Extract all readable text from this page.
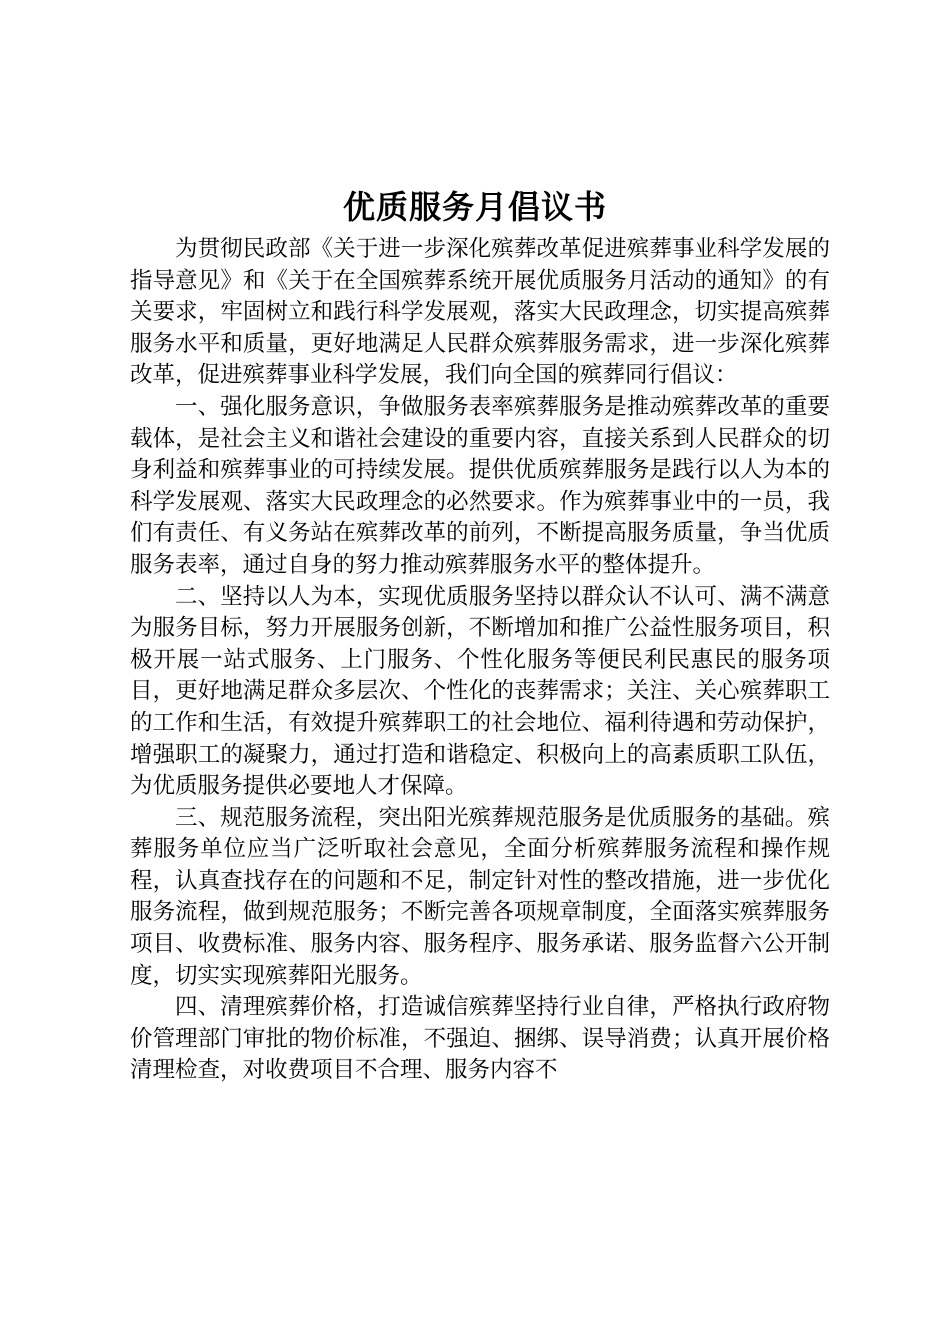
优质服务月倡议书

为贯彻民政部《关于进一步深化殡葬改革促进殡葬事业科学发展的指导意见》和《关于在全国殡葬系统开展优质服务月活动的通知》的有关要求，牢固树立和践行科学发展观，落实大民政理念，切实提高殡葬服务水平和质量，更好地满足人民群众殡葬服务需求，进一步深化殡葬改革，促进殡葬事业科学发展，我们向全国的殡葬同行倡议：

一、强化服务意识，争做服务表率殡葬服务是推动殡葬改革的重要载体，是社会主义和谐社会建设的重要内容，直接关系到人民群众的切身利益和殡葬事业的可持续发展。提供优质殡葬服务是践行以人为本的科学发展观、落实大民政理念的必然要求。作为殡葬事业中的一员，我们有责任、有义务站在殡葬改革的前列，不断提高服务质量，争当优质服务表率，通过自身的努力推动殡葬服务水平的整体提升。

二、坚持以人为本，实现优质服务坚持以群众认不认可、满不满意为服务目标，努力开展服务创新，不断增加和推广公益性服务项目，积极开展一站式服务、上门服务、个性化服务等便民利民惠民的服务项目，更好地满足群众多层次、个性化的丧葬需求；关注、关心殡葬职工的工作和生活，有效提升殡葬职工的社会地位、福利待遇和劳动保护，增强职工的凝聚力，通过打造和谐稳定、积极向上的高素质职工队伍，为优质服务提供必要地人才保障。

三、规范服务流程，突出阳光殡葬规范服务是优质服务的基础。殡葬服务单位应当广泛听取社会意见，全面分析殡葬服务流程和操作规程，认真查找存在的问题和不足，制定针对性的整改措施，进一步优化服务流程，做到规范服务；不断完善各项规章制度，全面落实殡葬服务项目、收费标准、服务内容、服务程序、服务承诺、服务监督六公开制度，切实实现殡葬阳光服务。

四、清理殡葬价格，打造诚信殡葬坚持行业自律，严格执行政府物价管理部门审批的物价标准，不强迫、捆绑、误导消费；认真开展价格清理检查，对收费项目不合理、服务内容不
